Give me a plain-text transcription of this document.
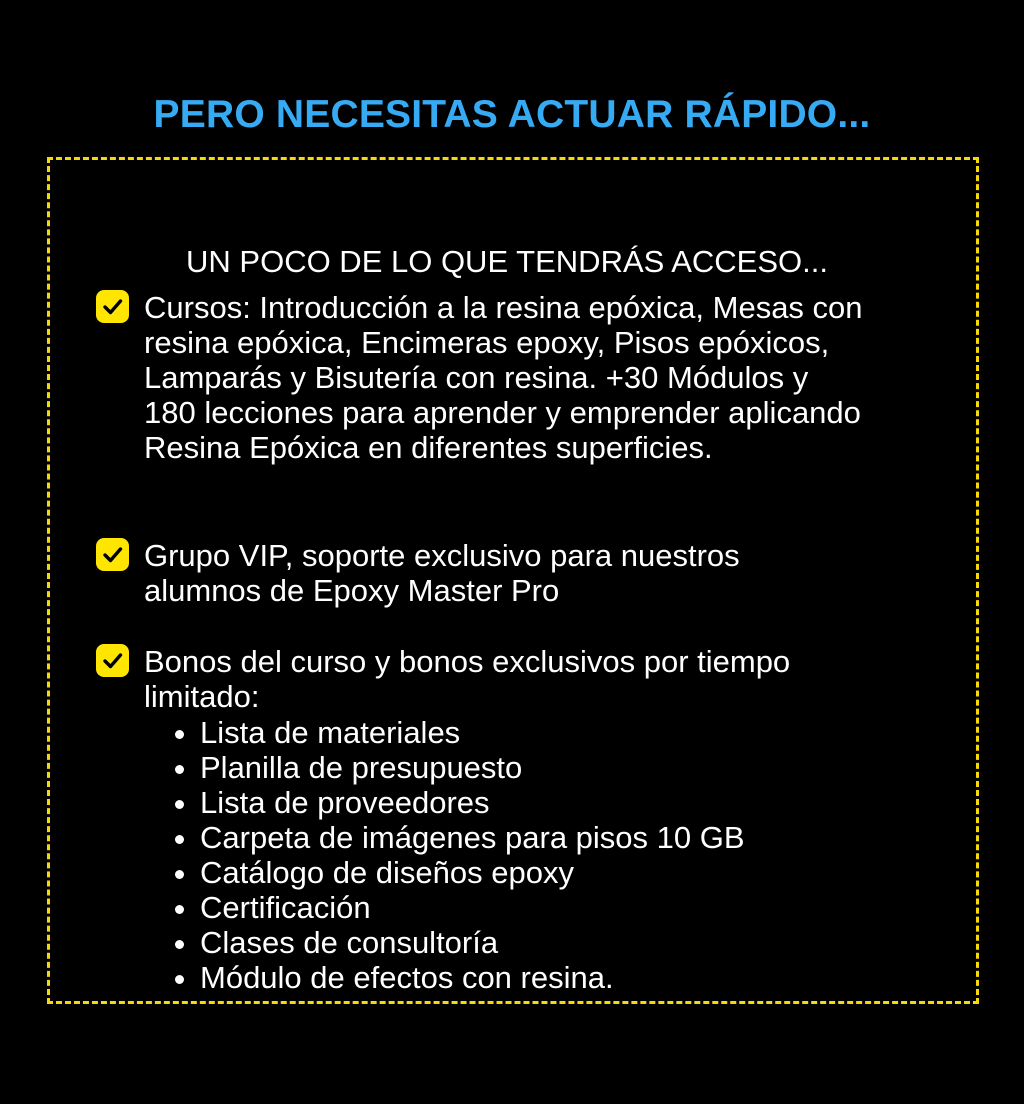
PERO NECESITAS ACTUAR RÁPIDO...
UN POCO DE LO QUE TENDRÁS ACCESO...
Cursos: Introducción a la resina epóxica, Mesas con resina epóxica, Encimeras epoxy, Pisos epóxicos, Lamparás y Bisutería con resina. +30 Módulos y 180 lecciones para aprender y emprender aplicando Resina Epóxica en diferentes superficies.
Grupo VIP, soporte exclusivo para nuestros alumnos de Epoxy Master Pro
Bonos del curso y bonos exclusivos por tiempo limitado:
Lista de materiales
Planilla de presupuesto
Lista de proveedores
Carpeta de imágenes para pisos 10 GB
Catálogo de diseños epoxy
Certificación
Clases de consultoría
Módulo de efectos con resina.
